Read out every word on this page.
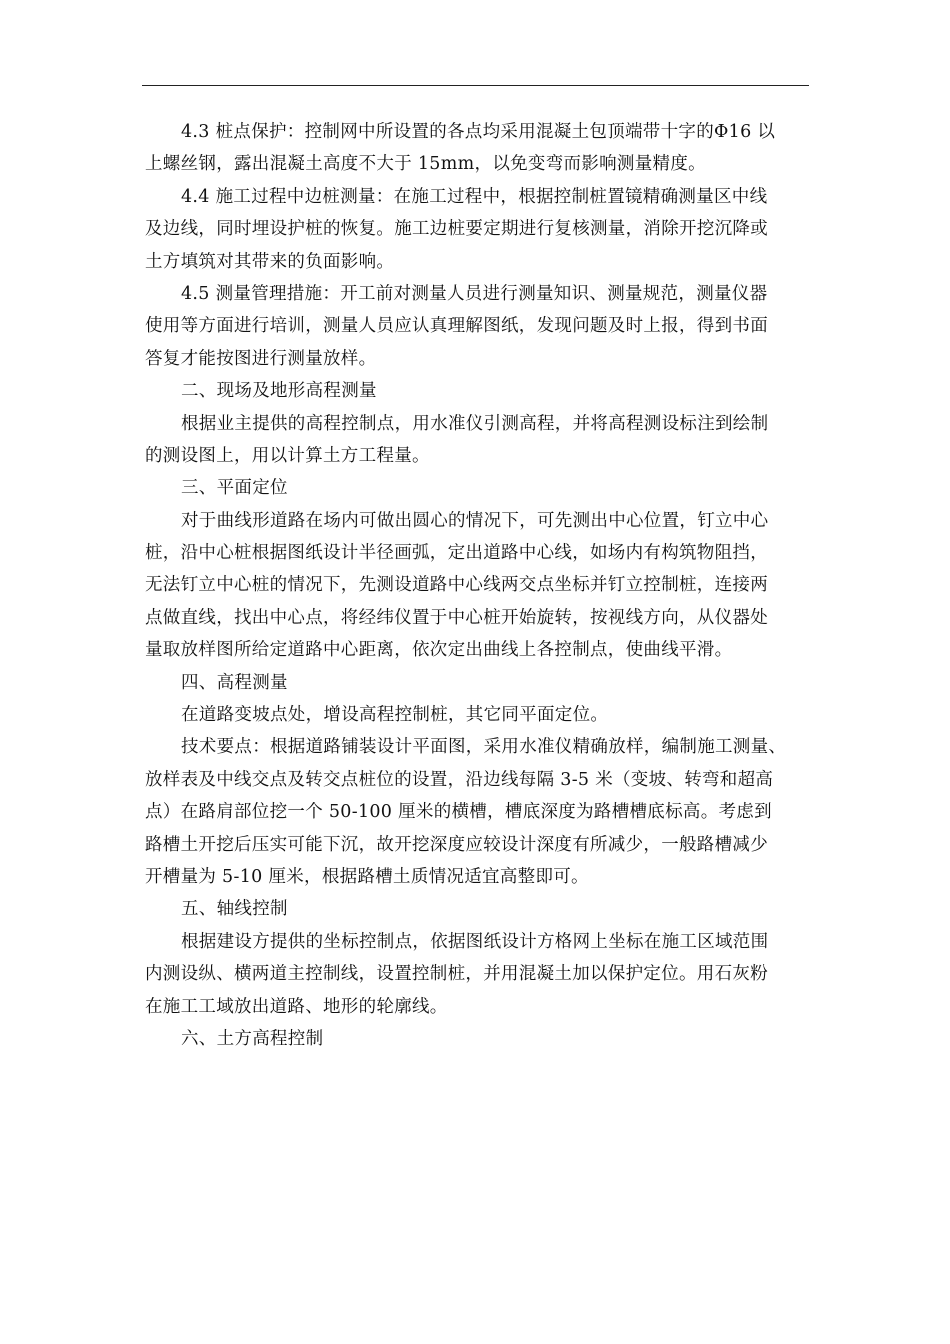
4.3 桩点保护：控制网中所设置的各点均采用混凝土包顶端带十字的Φ16 以
上螺丝钢，露出混凝土高度不大于 15mm，以免变弯而影响测量精度。
4.4 施工过程中边桩测量：在施工过程中，根据控制桩置镜精确测量区中线
及边线，同时埋设护桩的恢复。施工边桩要定期进行复核测量，消除开挖沉降或
土方填筑对其带来的负面影响。
4.5 测量管理措施：开工前对测量人员进行测量知识、测量规范，测量仪器
使用等方面进行培训，测量人员应认真理解图纸，发现问题及时上报，得到书面
答复才能按图进行测量放样。
二、现场及地形高程测量
根据业主提供的高程控制点，用水准仪引测高程，并将高程测设标注到绘制
的测设图上，用以计算土方工程量。
三、平面定位
对于曲线形道路在场内可做出圆心的情况下，可先测出中心位置，钉立中心
桩，沿中心桩根据图纸设计半径画弧，定出道路中心线，如场内有构筑物阻挡，
无法钉立中心桩的情况下，先测设道路中心线两交点坐标并钉立控制桩，连接两
点做直线，找出中心点，将经纬仪置于中心桩开始旋转，按视线方向，从仪器处
量取放样图所给定道路中心距离，依次定出曲线上各控制点，使曲线平滑。
四、高程测量
在道路变坡点处，增设高程控制桩，其它同平面定位。
技术要点：根据道路铺装设计平面图，采用水准仪精确放样，编制施工测量、
放样表及中线交点及转交点桩位的设置，沿边线每隔 3-5 米（变坡、转弯和超高
点）在路肩部位挖一个 50-100 厘米的横槽，槽底深度为路槽槽底标高。考虑到
路槽土开挖后压实可能下沉，故开挖深度应较设计深度有所减少，一般路槽减少
开槽量为 5-10 厘米，根据路槽土质情况适宜高整即可。
五、轴线控制
根据建设方提供的坐标控制点，依据图纸设计方格网上坐标在施工区域范围
内测设纵、横两道主控制线，设置控制桩，并用混凝土加以保护定位。用石灰粉
在施工工域放出道路、地形的轮廓线。
六、土方高程控制
